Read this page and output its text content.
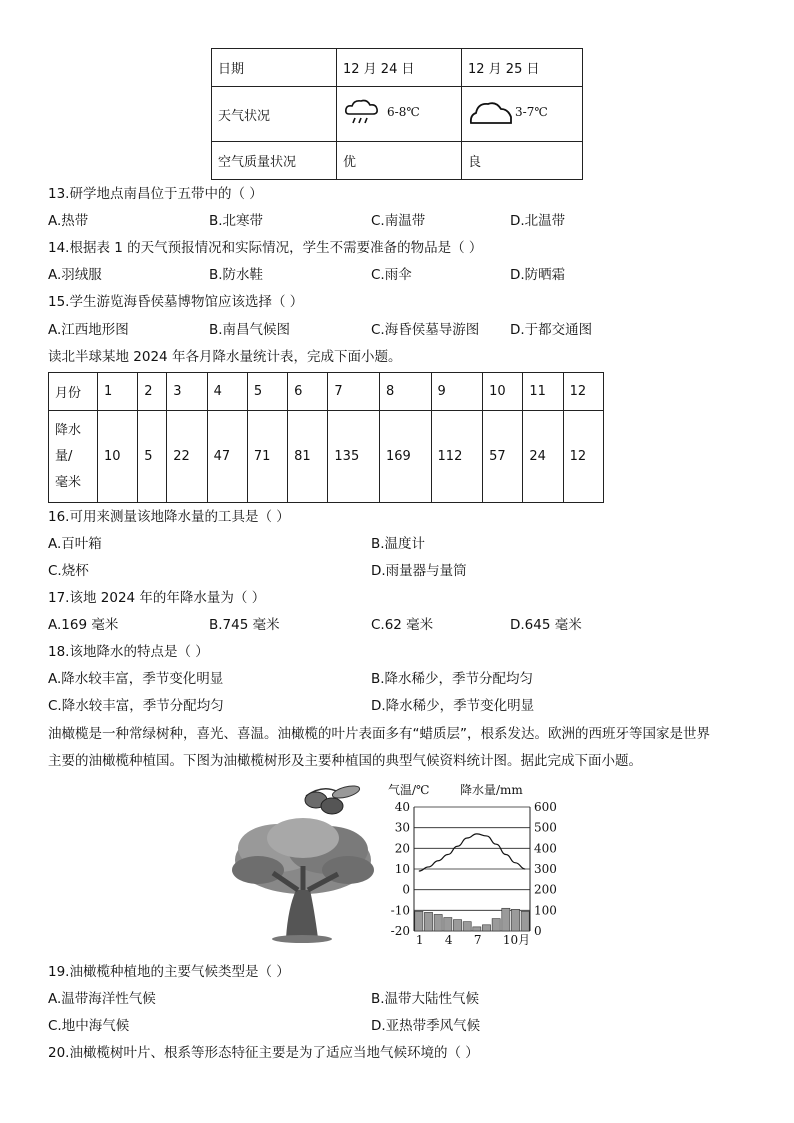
日期	12 月 24 日	12 月 25 日
天气状况	6-8℃	3-7℃

空气质量状况	优	良
13.研学地点南昌位于五带中的（ ）
A.热带	B.北寒带	C.南温带	D.北温带
14.根据表 1 的天气预报情况和实际情况，学生不需要准备的物品是（ ）
A.羽绒服	B.防水鞋	C.雨伞	D.防晒霜
15.学生游览海昏侯墓博物馆应该选择（ ）
A.江西地形图	B.南昌气候图	C.海昏侯墓导游图 D.于都交通图
读北半球某地 2024 年各月降水量统计表，完成下面小题。
月份	1	2	3	4	5	6	7	8	9	10	11	12

降水
量/
毫米	10	5	22	47	71	81	135	169	112	57	24	12
16.可用来测量该地降水量的工具是（ ）
A.百叶箱	B.温度计
C.烧杯	D.雨量器与量筒
17.该地 2024 年的年降水量为（ ）
A.169 毫米	B.745 毫米	C.62 毫米	D.645 毫米
18.该地降水的特点是（ ）
A.降水较丰富，季节变化明显	B.降水稀少，季节分配均匀
C.降水较丰富，季节分配均匀	D.降水稀少，季节变化明显
油橄榄是一种常绿树种，喜光、喜温。油橄榄的叶片表面多有“蜡质层”，根系发达。欧洲的西班牙等国家是世界
主要的油橄榄种植国。下图为油橄榄树形及主要种植国的典型气候资料统计图。据此完成下面小题。
气温/℃	降水量/mm
40	600
30	500
20	400
10	300
0	200
-10	100
-20	0
1 4 7 10月
19.油橄榄种植地的主要气候类型是（ ）
A.温带海洋性气候	B.温带大陆性气候
C.地中海气候	D.亚热带季风气候
20.油橄榄树叶片、根系等形态特征主要是为了适应当地气候环境的（ ）
